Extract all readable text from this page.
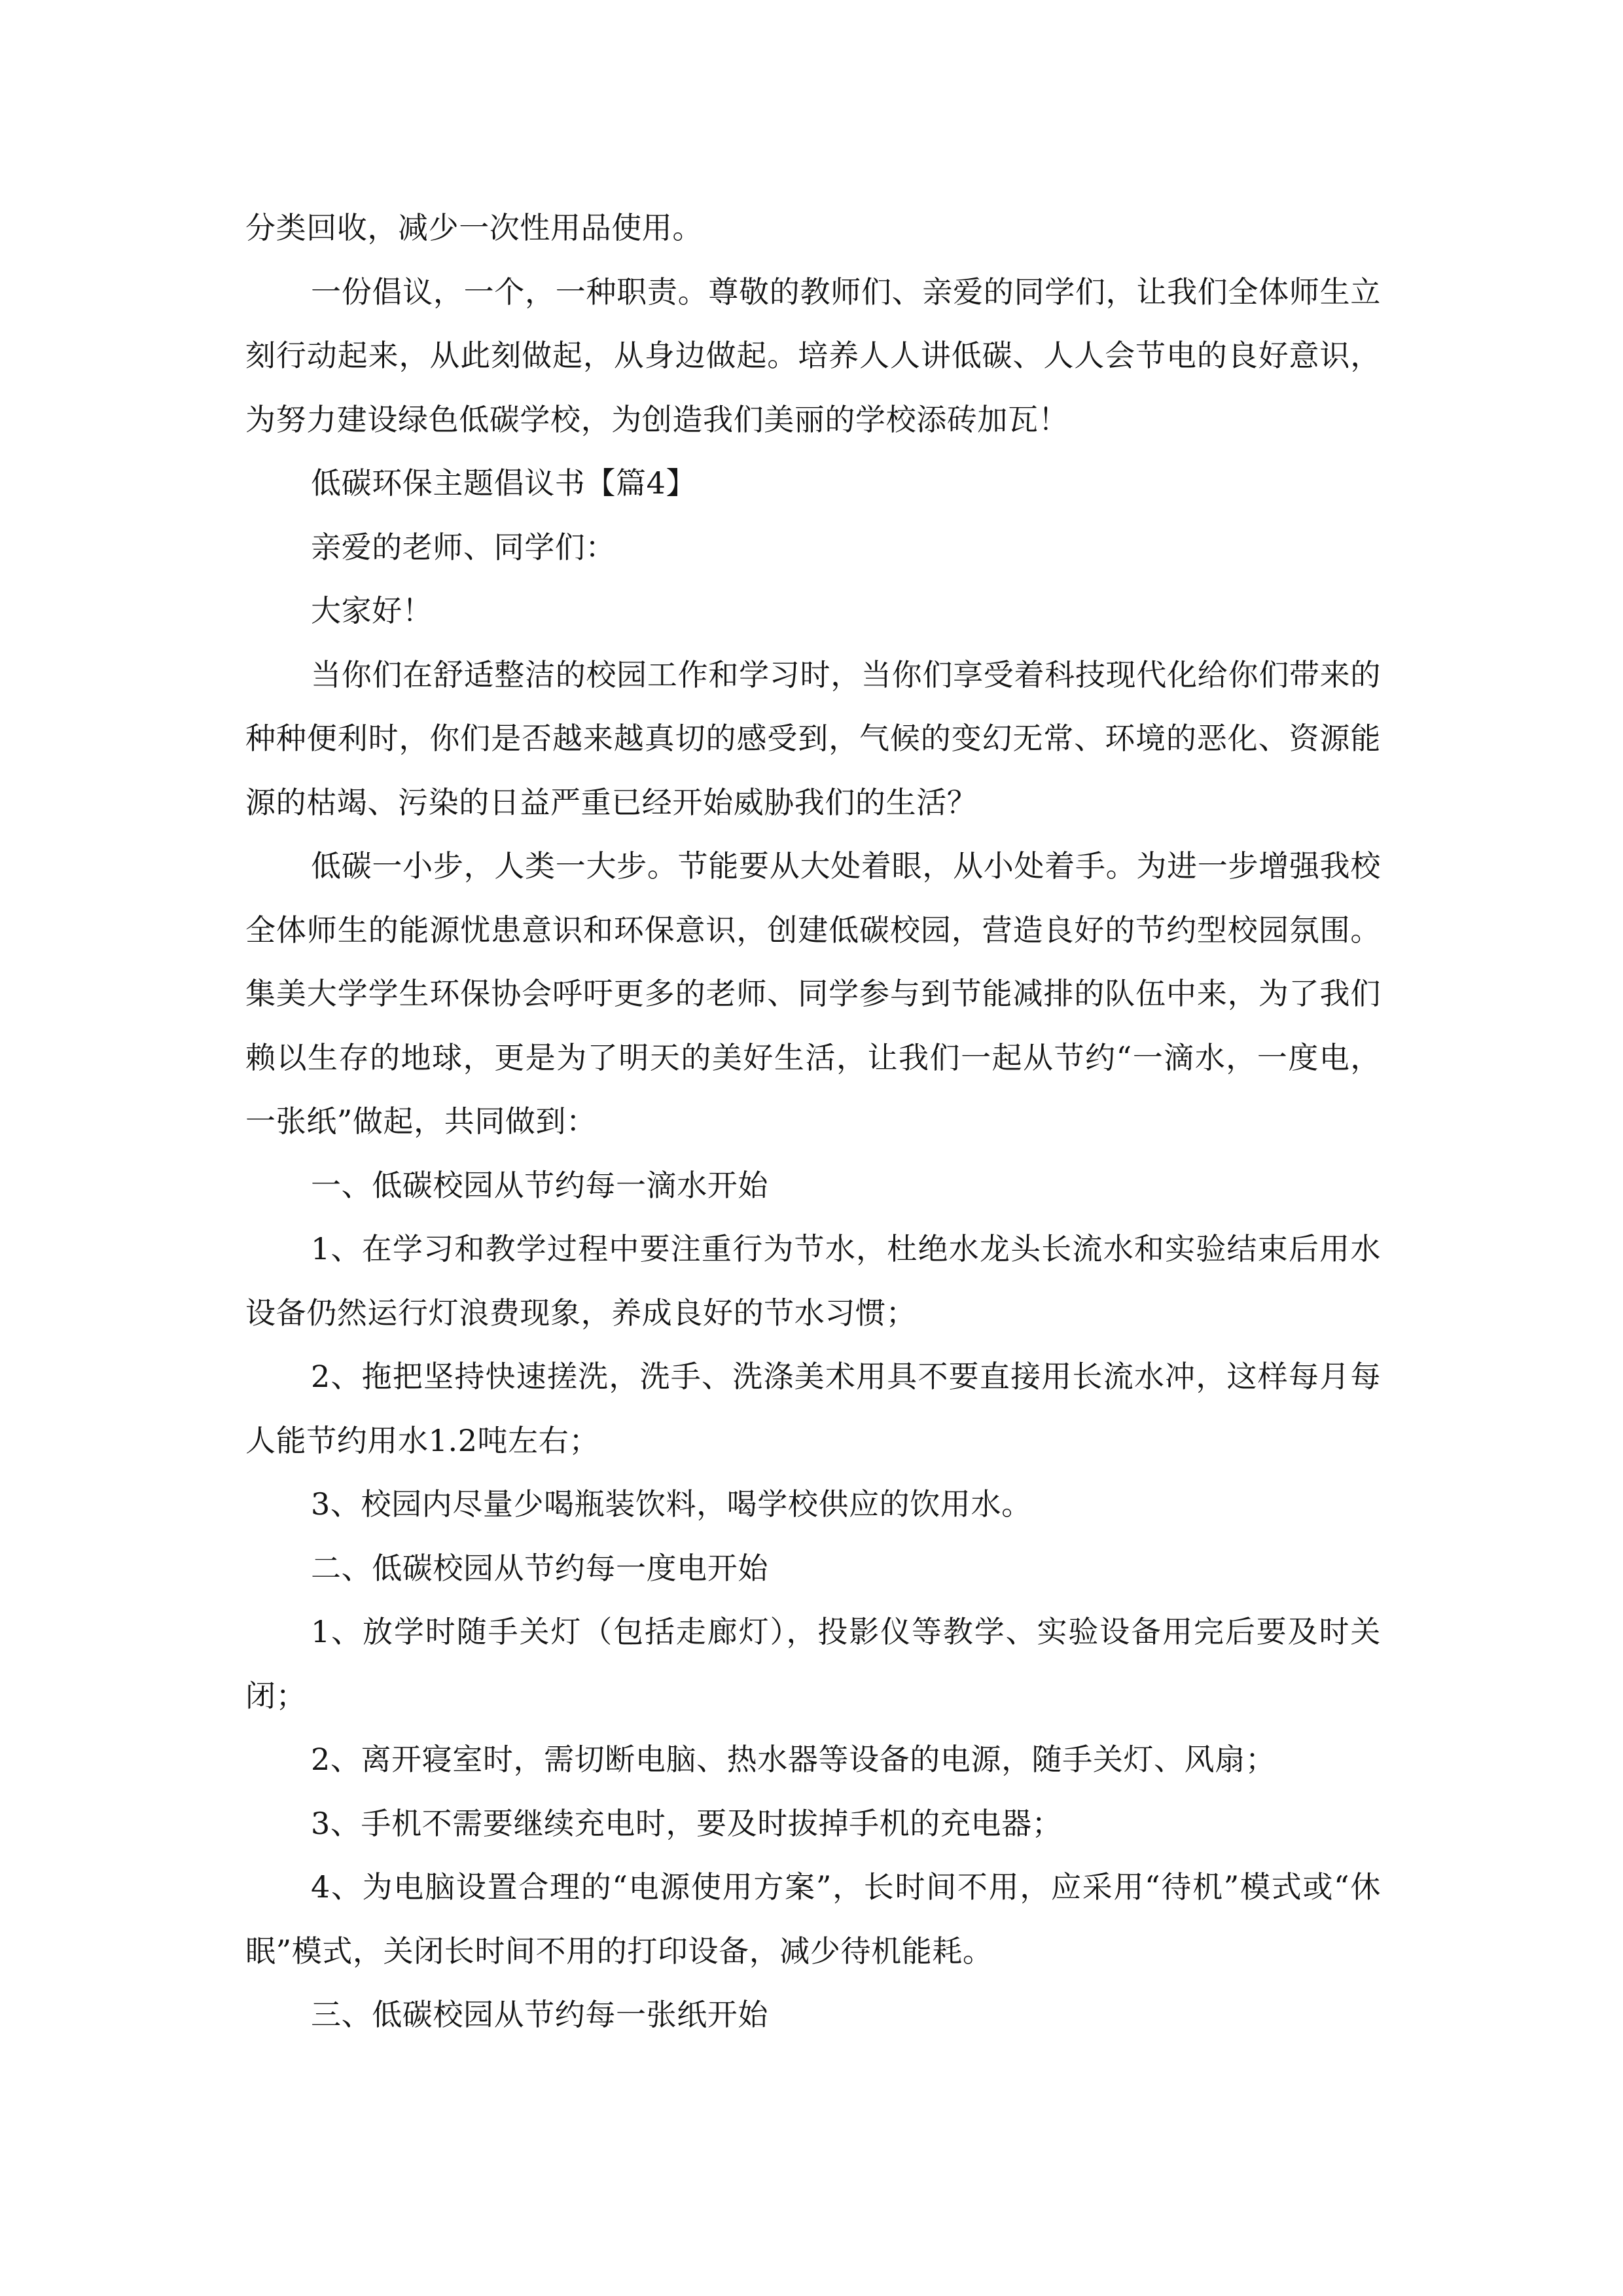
分类回收，减少一次性用品使用。

一份倡议，一个，一种职责。尊敬的教师们、亲爱的同学们，让我们全体师生立刻行动起来，从此刻做起，从身边做起。培养人人讲低碳、人人会节电的良好意识，为努力建设绿色低碳学校，为创造我们美丽的学校添砖加瓦！

低碳环保主题倡议书【篇4】

亲爱的老师、同学们：

大家好！

当你们在舒适整洁的校园工作和学习时，当你们享受着科技现代化给你们带来的种种便利时，你们是否越来越真切的感受到，气候的变幻无常、环境的恶化、资源能源的枯竭、污染的日益严重已经开始威胁我们的生活？

低碳一小步，人类一大步。节能要从大处着眼，从小处着手。为进一步增强我校全体师生的能源忧患意识和环保意识，创建低碳校园，营造良好的节约型校园氛围。集美大学学生环保协会呼吁更多的老师、同学参与到节能减排的队伍中来，为了我们赖以生存的地球，更是为了明天的美好生活，让我们一起从节约“一滴水，一度电，一张纸”做起，共同做到：

一、低碳校园从节约每一滴水开始

1、在学习和教学过程中要注重行为节水，杜绝水龙头长流水和实验结束后用水设备仍然运行灯浪费现象，养成良好的节水习惯；

2、拖把坚持快速搓洗，洗手、洗涤美术用具不要直接用长流水冲，这样每月每人能节约用水1.2吨左右；

3、校园内尽量少喝瓶装饮料，喝学校供应的饮用水。

二、低碳校园从节约每一度电开始

1、放学时随手关灯（包括走廊灯），投影仪等教学、实验设备用完后要及时关闭；

2、离开寝室时，需切断电脑、热水器等设备的电源，随手关灯、风扇；

3、手机不需要继续充电时，要及时拔掉手机的充电器；

4、为电脑设置合理的“电源使用方案”，长时间不用，应采用“待机”模式或“休眠”模式，关闭长时间不用的打印设备，减少待机能耗。

三、低碳校园从节约每一张纸开始
